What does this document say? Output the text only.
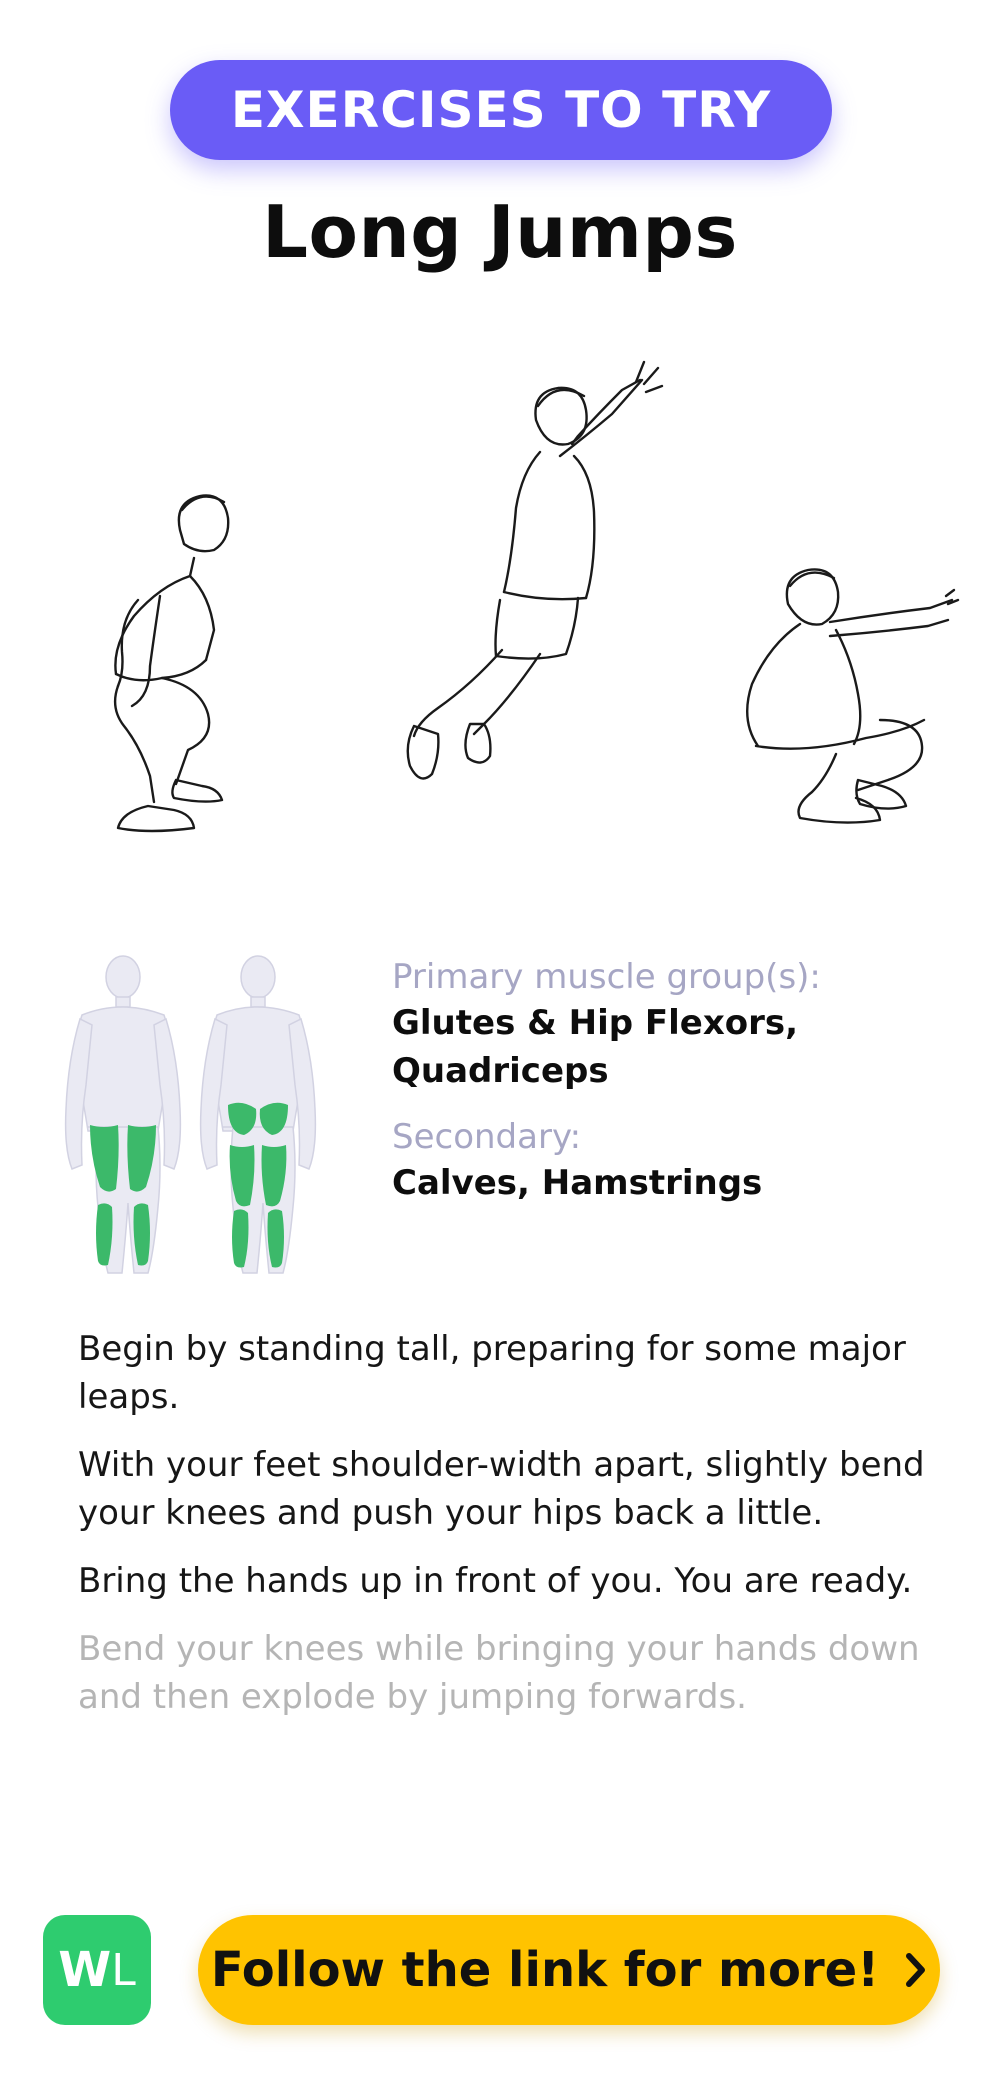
EXERCISES TO TRY
Long Jumps
Primary muscle group(s):
Glutes & Hip Flexors, Quadriceps
Secondary:
Calves, Hamstrings

Begin by standing tall, preparing for some major leaps.

With your feet shoulder-width apart, slightly bend your knees and push your hips back a little.

Bring the hands up in front of you. You are ready.

Bend your knees while bringing your hands down and then explode by jumping forwards.

W L Follow the link for more!
